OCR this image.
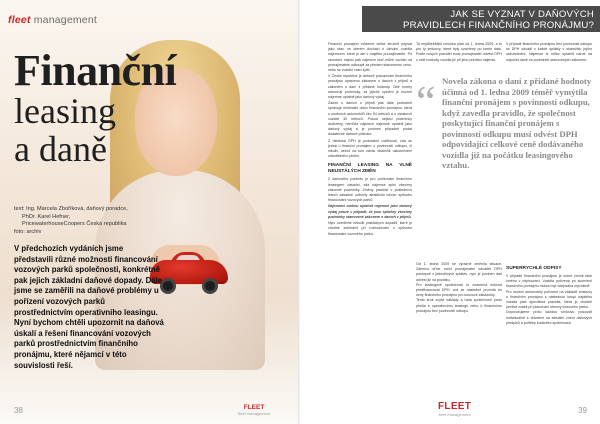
fleet management
Finanční
leasing
a daně

text: Ing. Marcela Zboříková, daňový poradce,

PhDr. Karel Hefner,

PricewaterhouseCoopers Česká republika

foto: archiv

V předchozích vydáních jsme představili různé možnosti financování vozových parků společnosti, konkrétně pak jejich základní daňové dopady. Dále jsme se zaměřili na daňové problémy u pořízení vozových parků prostřednictvím operativního leasingu. Nyní bychom chtěli upozornit na daňová úskalí a řešení financování vozových parků prostřednictvím finančního pronájmu, které nějamcí v této souvislosti řeší.
38	FLEET
fleet management
JAK SE VYZNAT V DAŇOVÝCH
PRAVIDLECH FINANČNÍHO PRONÁJMU?

Finanční pronájem můžeme velice stručně popsat jako stav, ve kterém dochází k užívání vozidla nájemcem, které je ale v majetku pronajímatele. Po skončení nájmu pak nájemce buď může vozidlo od pronajímatele odkoupit za předem stanovenou cenu, nebo se vozidlo vrací zpět.

V České republice je daňové posuzování finančního pronájmu upraveno zákonem o daních z příjmů a zákonem o dani z přidané hodnoty. Obě normy stanovují podmínky, za jejichž splnění je možné nájemné uplatnit jako daňový výdaj.

Zákon o daních z příjmů pak dále podrobně upravuje minimální dobu finančního pronájmu, která u osobních automobilů činí 54 měsíců a u ostatních vozidel 30 měsíců. Pokud nejsou podmínky dodrženy, nemůže nájemce nájemné uplatnit jako daňový výdaj a je povinen případně podat dodatečné daňové přiznání.

Z hlediska DPH je podstatné rozlišovat, zda se jedná o finanční pronájem s povinností odkupu, či nikoliv, neboť na tom závisí okamžik uskutečnění zdanitelného plnění.

FINANČNÍ LEASING NA VLNĚ NEUSTÁLÝCH ZMĚN

Z daňového pohledu je pro pořizování finančním leasingem zásadní, zda nájemce splní všechny zákonné podmínky. Změny pravidel v posledních letech zásadně ovlivnily atraktivitu tohoto způsobu financování vozových parků.

Nájemníci mohou uplatnit nájemné jako daňový výdaj pouze v případě, že jsou splněny všechny podmínky stanovené zákonem o daních z příjmů.

Nyní uvedeme několik praktických dopadů, které je vhodné zohlednit při rozhodování o způsobu financování vozového parku.

Ta nejdůležitější novinka platí od 1. ledna 2009, a to pro ty smlouvy, které byly uzavřeny po tomto datu. Podle nových pravidel musí pronajímatel odvést DPH z celé hodnoty vozidla již při jeho předání nájemci.

V případě finančního pronájmu bez povinnosti odkupu se DPH odvádí z každé splátky v okamžiku jejího uskutečnění. Nájemce si může uplatnit nárok na odpočet daně za podmínek stanovených zákonem.

“ Novela zákona o dani z přidané hodnoty účinná od 1. ledna 2009 téměř vymýtila finanční pronájem s povinností odkupu, když zavedla pravidlo, že společnost poskytující finanční pronájem s povinností odkupu musí odvést DPH odpovídající celkové ceně dodávaného vozidla již na počátku leasingového vztahu.

Od 1. ledna 2009 se výrazně změnila situace. Zatímco dříve mohl pronajímatel odvádět DPH postupně z jednotlivých splátek, nyní je povinen daň odvést již na počátku.

Pro leasingové společnosti to znamená nutnost předfinancovat DPH, což se následně promítá do ceny finančního pronájmu pro koncové zákazníky.

Tento krok zvýšil náklady a řada společností proto přešla k operativnímu leasingu nebo k finančnímu pronájmu bez povinnosti odkupu.

SUPERRYCHLÉ ODPISY

V případě finančního pronájmu je nutné zmínit také změnu v odpisování. Vozidla pořízená po skončení finančního pronájmu mohou být odepsána zrychleně.

Pro osobní automobily pořízené na základě smlouvy o finančním pronájmu s následnou koupí najatého vozidla platí specifická pravidla, která je vhodné pečlivě zvážit při plánování obnovy vozového parku.

Doporučujeme proto každou smlouvu posoudit individuálně s ohledem na aktuální znění daňových předpisů a potřeby konkrétní společnosti.

FLEET
fleet management	39
